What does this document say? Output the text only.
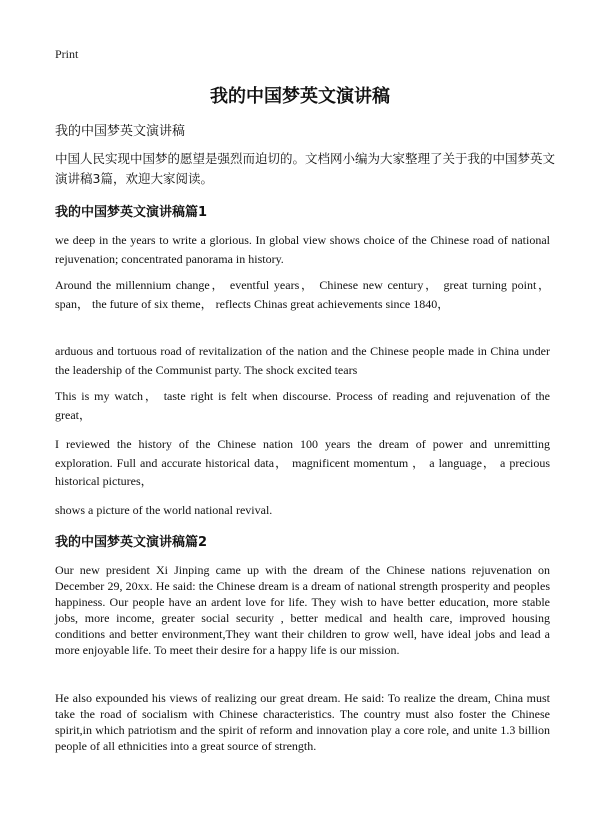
Print
我的中国梦英文演讲稿

我的中国梦英文演讲稿

中国人民实现中国梦的愿望是强烈而迫切的。文档网小编为大家整理了关于我的中国梦英文演讲稿3篇，欢迎大家阅读。

我的中国梦英文演讲稿篇1

we deep in the years to write a glorious. In global view shows choice of the Chinese road of national rejuvenation; concentrated panorama in history.

Around the millennium change， eventful years， Chinese new century， great turning point， span， the future of six theme， reflects Chinas great achievements since 1840，

arduous and tortuous road of revitalization of the nation and the Chinese people made in China under the leadership of the Communist party. The shock excited tears

This is my watch， taste right is felt when discourse. Process of reading and rejuvenation of the great，

I reviewed the history of the Chinese nation 100 years the dream of power and unremitting exploration. Full and accurate historical data， magnificent momentum ， a language， a precious historical pictures，

shows a picture of the world national revival.

我的中国梦英文演讲稿篇2

Our new president Xi Jinping came up with the dream of the Chinese nations rejuvenation on December 29, 20xx. He said: the Chinese dream is a dream of national strength prosperity and peoples happiness. Our people have an ardent love for life. They wish to have better education, more stable jobs, more income, greater social security , better medical and health care, improved housing conditions and better environment,They want their children to grow well, have ideal jobs and lead a more enjoyable life. To meet their desire for a happy life is our mission.

He also expounded his views of realizing our great dream. He said: To realize the dream, China must take the road of socialism with Chinese characteristics. The country must also foster the Chinese spirit,in which patriotism and the spirit of reform and innovation play a core role, and unite 1.3 billion people of all ethnicities into a great source of strength.
